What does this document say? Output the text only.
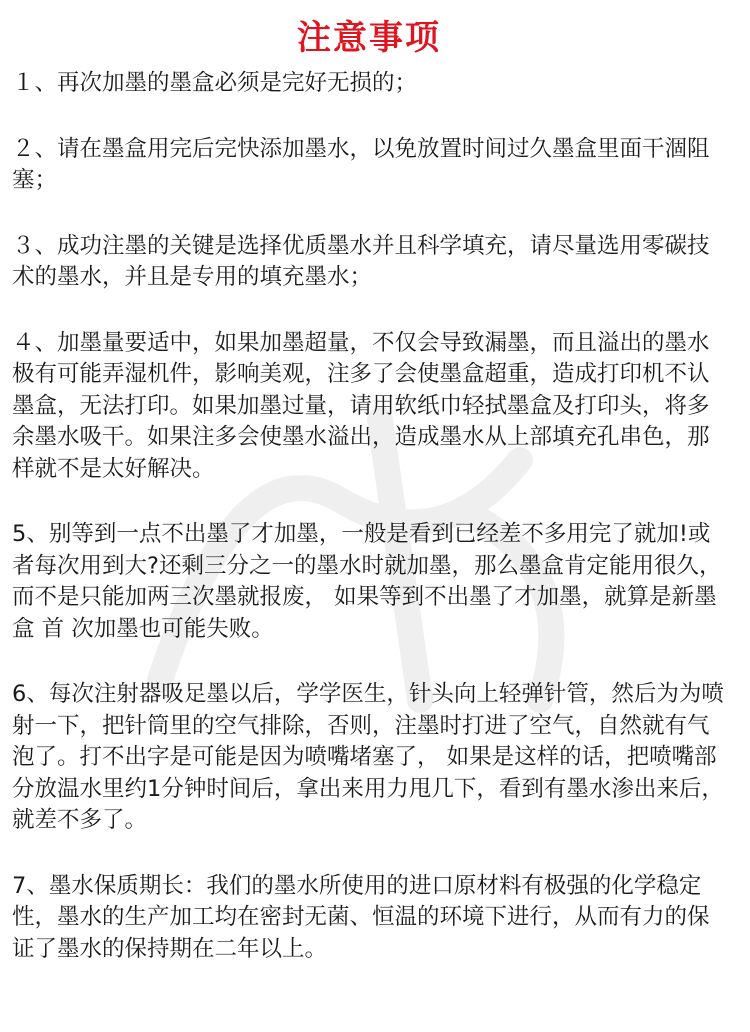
注意事项

１、再次加墨的墨盒必须是完好无损的；

２、请在墨盒用完后完快添加墨水，以免放置时间过久墨盒里面干涸阻塞；

３、成功注墨的关键是选择优质墨水并且科学填充，请尽量选用零碳技术的墨水，并且是专用的填充墨水；

４、加墨量要适中，如果加墨超量，不仅会导致漏墨，而且溢出的墨水极有可能弄湿机件，影响美观，注多了会使墨盒超重，造成打印机不认墨盒，无法打印。如果加墨过量，请用软纸巾轻拭墨盒及打印头，将多余墨水吸干。如果注多会使墨水溢出，造成墨水从上部填充孔串色，那样就不是太好解决。

5、别等到一点不出墨了才加墨，一般是看到已经差不多用完了就加!或者每次用到大?还剩三分之一的墨水时就加墨，那么墨盒肯定能用很久，而不是只能加两三次墨就报废， 如果等到不出墨了才加墨，就算是新墨盒 首 次加墨也可能失败。

6、每次注射器吸足墨以后，学学医生，针头向上轻弹针管，然后为为喷射一下，把针筒里的空气排除，否则，注墨时打进了空气，自然就有气泡了。打不出字是可能是因为喷嘴堵塞了， 如果是这样的话，把喷嘴部分放温水里约1分钟时间后，拿出来用力甩几下，看到有墨水渗出来后，就差不多了。

7、墨水保质期长：我们的墨水所使用的进口原材料有极强的化学稳定性，墨水的生产加工均在密封无菌、恒温的环境下进行，从而有力的保证了墨水的保持期在二年以上。
